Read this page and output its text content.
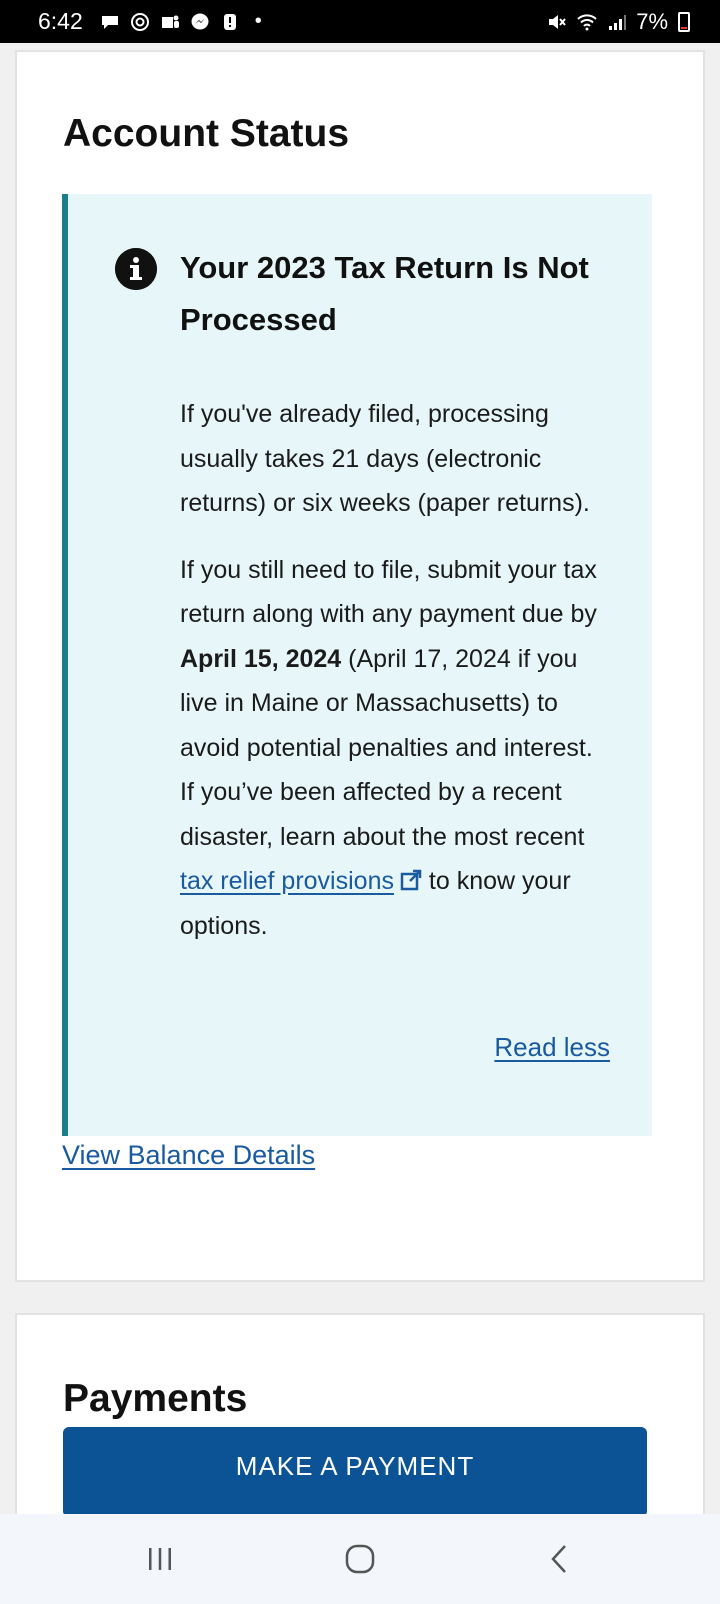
6:42	•	7%
Account Status
Your 2023 Tax Return Is Not Processed

If you've already filed, processing usually takes 21 days (electronic returns) or six weeks (paper returns).

If you still need to file, submit your tax return along with any payment due by April 15, 2024 (April 17, 2024 if you live in Maine or Massachusetts) to avoid potential penalties and interest. If you’ve been affected by a recent disaster, learn about the most recent tax relief provisions to know your options.

Read less
View Balance Details
Payments
MAKE A PAYMENT
